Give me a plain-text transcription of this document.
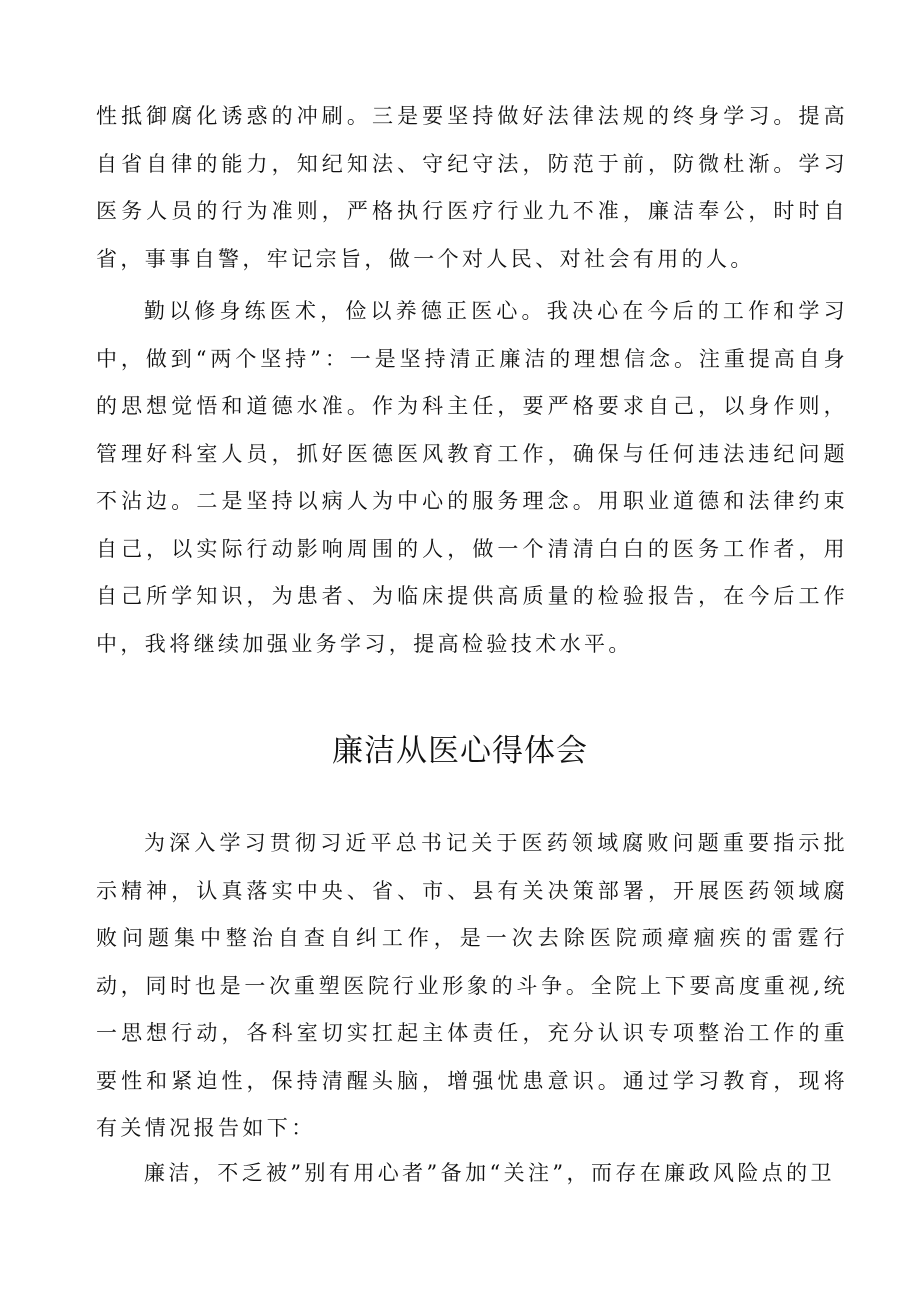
性抵御腐化诱惑的冲刷。三是要坚持做好法律法规的终身学习。提高自省自律的能力，知纪知法、守纪守法，防范于前，防微杜渐。学习医务人员的行为准则，严格执行医疗行业九不准，廉洁奉公，时时自省，事事自警，牢记宗旨，做一个对人民、对社会有用的人。

勤以修身练医术，俭以养德正医心。我决心在今后的工作和学习中，做到“两个坚持”：一是坚持清正廉洁的理想信念。注重提高自身的思想觉悟和道德水准。作为科主任，要严格要求自己，以身作则，管理好科室人员，抓好医德医风教育工作，确保与任何违法违纪问题不沾边。二是坚持以病人为中心的服务理念。用职业道德和法律约束自己，以实际行动影响周围的人，做一个清清白白的医务工作者，用自己所学知识，为患者、为临床提供高质量的检验报告，在今后工作中，我将继续加强业务学习，提高检验技术水平。

廉洁从医心得体会

为深入学习贯彻习近平总书记关于医药领域腐败问题重要指示批示精神，认真落实中央、省、市、县有关决策部署，开展医药领域腐败问题集中整治自查自纠工作，是一次去除医院顽瘴痼疾的雷霆行动，同时也是一次重塑医院行业形象的斗争。全院上下要高度重视,统一思想行动，各科室切实扛起主体责任，充分认识专项整治工作的重要性和紧迫性，保持清醒头脑，增强忧患意识。通过学习教育，现将有关情况报告如下：

廉洁，不乏被”别有用心者”备加“关注”，而存在廉政风险点的卫
